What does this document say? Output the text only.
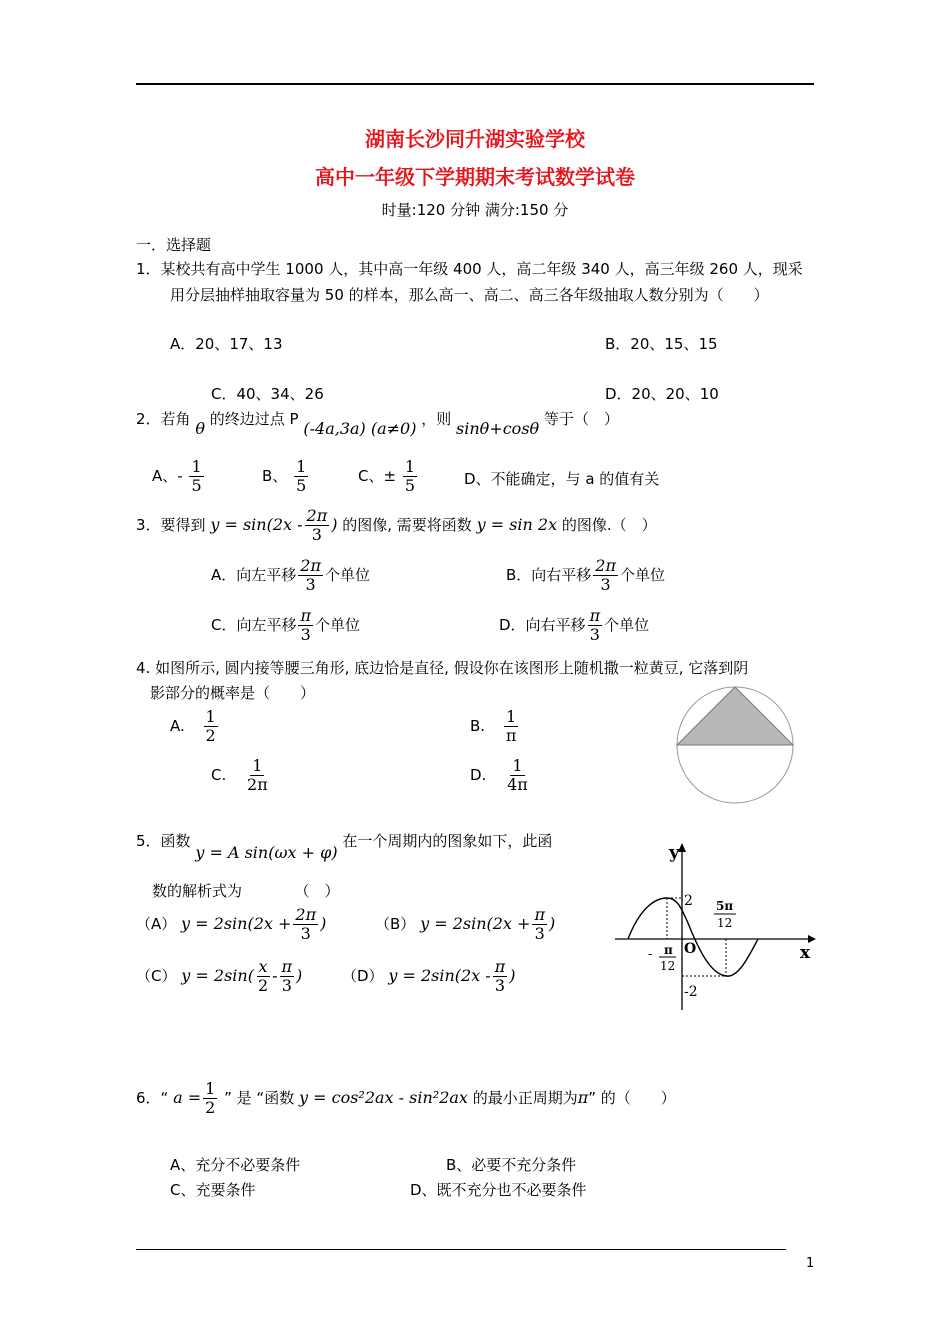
湖南长沙同升湖实验学校
高中一年级下学期期末考试数学试卷
时量:120 分钟 满分:150 分
一．选择题
1．某校共有高中学生 1000 人，其中高一年级 400 人，高二年级 340 人，高三年级 260 人，现采
用分层抽样抽取容量为 50 的样本，那么高一、高二、高三各年级抽取人数分别为（　　）
A．20、17、13	B．20、15、15
C．40、34、26	D．20、20、10
2．若角 θ 的终边过点 P (-4a,3a) (a≠0) ，则 sinθ+cosθ 等于（　）
A、- $\frac{1}{5}$	B、 $\frac{1}{5}$	C、± $\frac{1}{5}$	D、不能确定，与 a 的值有关
3．要得到 $y = \sin(2x - \frac{2\pi}{3}$ ) 的图像, 需要将函数 y = sin 2x 的图像.（　）
A．向左平移 $\frac{2\pi}{3}$ 个单位	B．向右平移 $\frac{2\pi}{3}$ 个单位
C．向左平移 $\frac{\pi}{3}$ 个单位	D．向右平移 $\frac{\pi}{3}$ 个单位
4. 如图所示, 圆内接等腰三角形, 底边恰是直径, 假设你在该图形上随机撒一粒黄豆, 它落到阴
影部分的概率是（　　）
A. $\frac{1}{2}$	B. $\frac{1}{\pi}$
C. $\frac{1}{2\pi}$	D. $\frac{1}{4\pi}$
5．函数 y = A sin(ωx + φ) 在一个周期内的图象如下，此函
数的解析式为　　　　（　）
（A） $y = 2\sin(2x + \frac{2\pi}{3}$ )	（B） $y = 2\sin(2x + \frac{\pi}{3}$ )
（C） $y = 2\sin( \frac{x}{2} - \frac{\pi}{3}$ )	（D） $y = 2\sin(2x - \frac{\pi}{3}$ )
y
x
O
2
-2
- π
12
5π
12
6．“ $a = \frac{1}{2}$ ” 是 “函数 y = cos²2ax - sin²2ax 的最小正周期为π” 的（　　）
A、充分不必要条件	B、必要不充分条件
C、充要条件	D、既不充分也不必要条件
1
